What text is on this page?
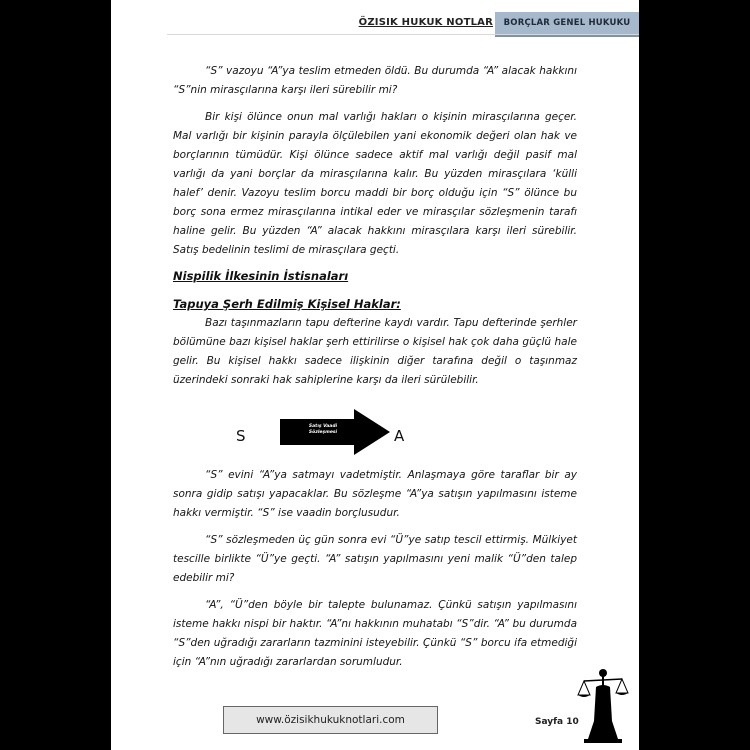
ÖZISIK HUKUK NOTLAR	BORÇLAR GENEL HUKUKU
“S” vazoyu “A”ya teslim etmeden öldü. Bu durumda “A” alacak hakkını “S”nin mirasçılarına karşı ileri sürebilir mi?
Bir kişi ölünce onun mal varlığı hakları o kişinin mirasçılarına geçer. Mal varlığı bir kişinin parayla ölçülebilen yani ekonomik değeri olan hak ve borçlarının tümüdür. Kişi ölünce sadece aktif mal varlığı değil pasif mal varlığı da yani borçlar da mirasçılarına kalır. Bu yüzden mirasçılara ‘külli halef’ denir. Vazoyu teslim borcu maddi bir borç olduğu için “S” ölünce bu borç sona ermez mirasçılarına intikal eder ve mirasçılar sözleşmenin tarafı haline gelir. Bu yüzden “A” alacak hakkını mirasçılara karşı ileri sürebilir. Satış bedelinin teslimi de mirasçılara geçti.
Nispilik İlkesinin İstisnaları
Tapuya Şerh Edilmiş Kişisel Haklar:
Bazı taşınmazların tapu defterine kaydı vardır. Tapu defterinde şerhler bölümüne bazı kişisel haklar şerh ettirilirse o kişisel hak çok daha güçlü hale gelir. Bu kişisel hakkı sadece ilişkinin diğer tarafına değil o taşınmaz üzerindeki sonraki hak sahiplerine karşı da ileri sürülebilir.
S
Satış Vaadi
Sözleşmesi	A
“S” evini “A”ya satmayı vadetmiştir. Anlaşmaya göre taraflar bir ay sonra gidip satışı yapacaklar. Bu sözleşme “A”ya satışın yapılmasını isteme hakkı vermiştir. “S” ise vaadin borçlusudur.
“S” sözleşmeden üç gün sonra evi “Ü”ye satıp tescil ettirmiş. Mülkiyet tescille birlikte “Ü”ye geçti. “A” satışın yapılmasını yeni malik “Ü”den talep edebilir mi?
“A”, “Ü”den böyle bir talepte bulunamaz. Çünkü satışın yapılmasını isteme hakkı nispi bir haktır. “A”nı hakkının muhatabı “S”dir. “A” bu durumda “S”den uğradığı zararların tazminini isteyebilir. Çünkü “S” borcu ifa etmediği için “A”nın uğradığı zararlardan sorumludur.
www.özisikhukuknotlari.com	Sayfa 10
